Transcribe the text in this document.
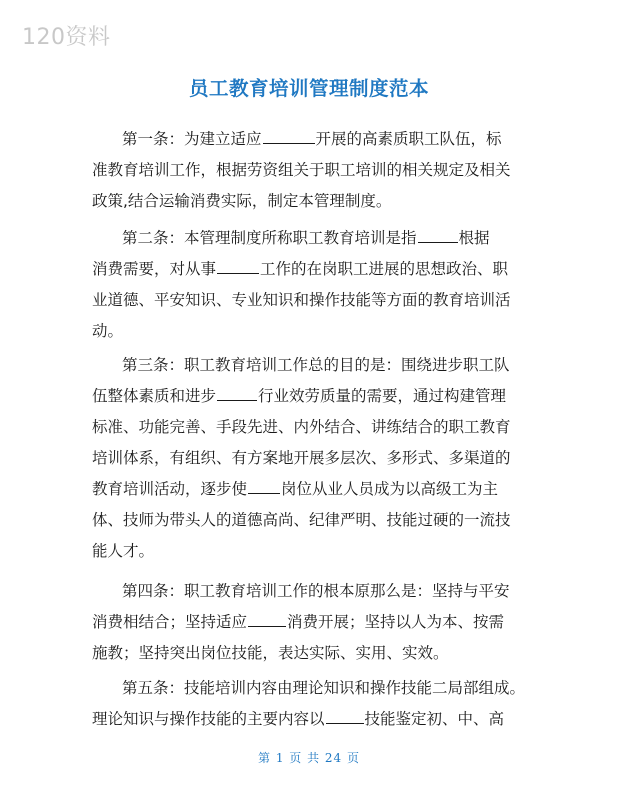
120资料
员工教育培训管理制度范本
第一条：为建立适应	开展的高素质职工队伍，标
准教育培训工作，根据劳资组关于职工培训的相关规定及相关
政策,结合运输消费实际，制定本管理制度。
第二条：本管理制度所称职工教育培训是指	根据
消费需要，对从事	工作的在岗职工进展的思想政治、职
业道德、平安知识、专业知识和操作技能等方面的教育培训活
动。
第三条：职工教育培训工作总的目的是：围绕进步职工队
伍整体素质和进步	行业效劳质量的需要，通过构建管理
标准、功能完善、手段先进、内外结合、讲练结合的职工教育
培训体系，有组织、有方案地开展多层次、多形式、多渠道的
教育培训活动，逐步使 岗位从业人员成为以高级工为主
体、技师为带头人的道德高尚、纪律严明、技能过硬的一流技
能人才。
第四条：职工教育培训工作的根本原那么是：坚持与平安
消费相结合；坚持适应	消费开展；坚持以人为本、按需
施教；坚持突出岗位技能，表达实际、实用、实效。
第五条：技能培训内容由理论知识和操作技能二局部组成。
理论知识与操作技能的主要内容以	技能鉴定初、中、高
第 1 页 共 24 页
